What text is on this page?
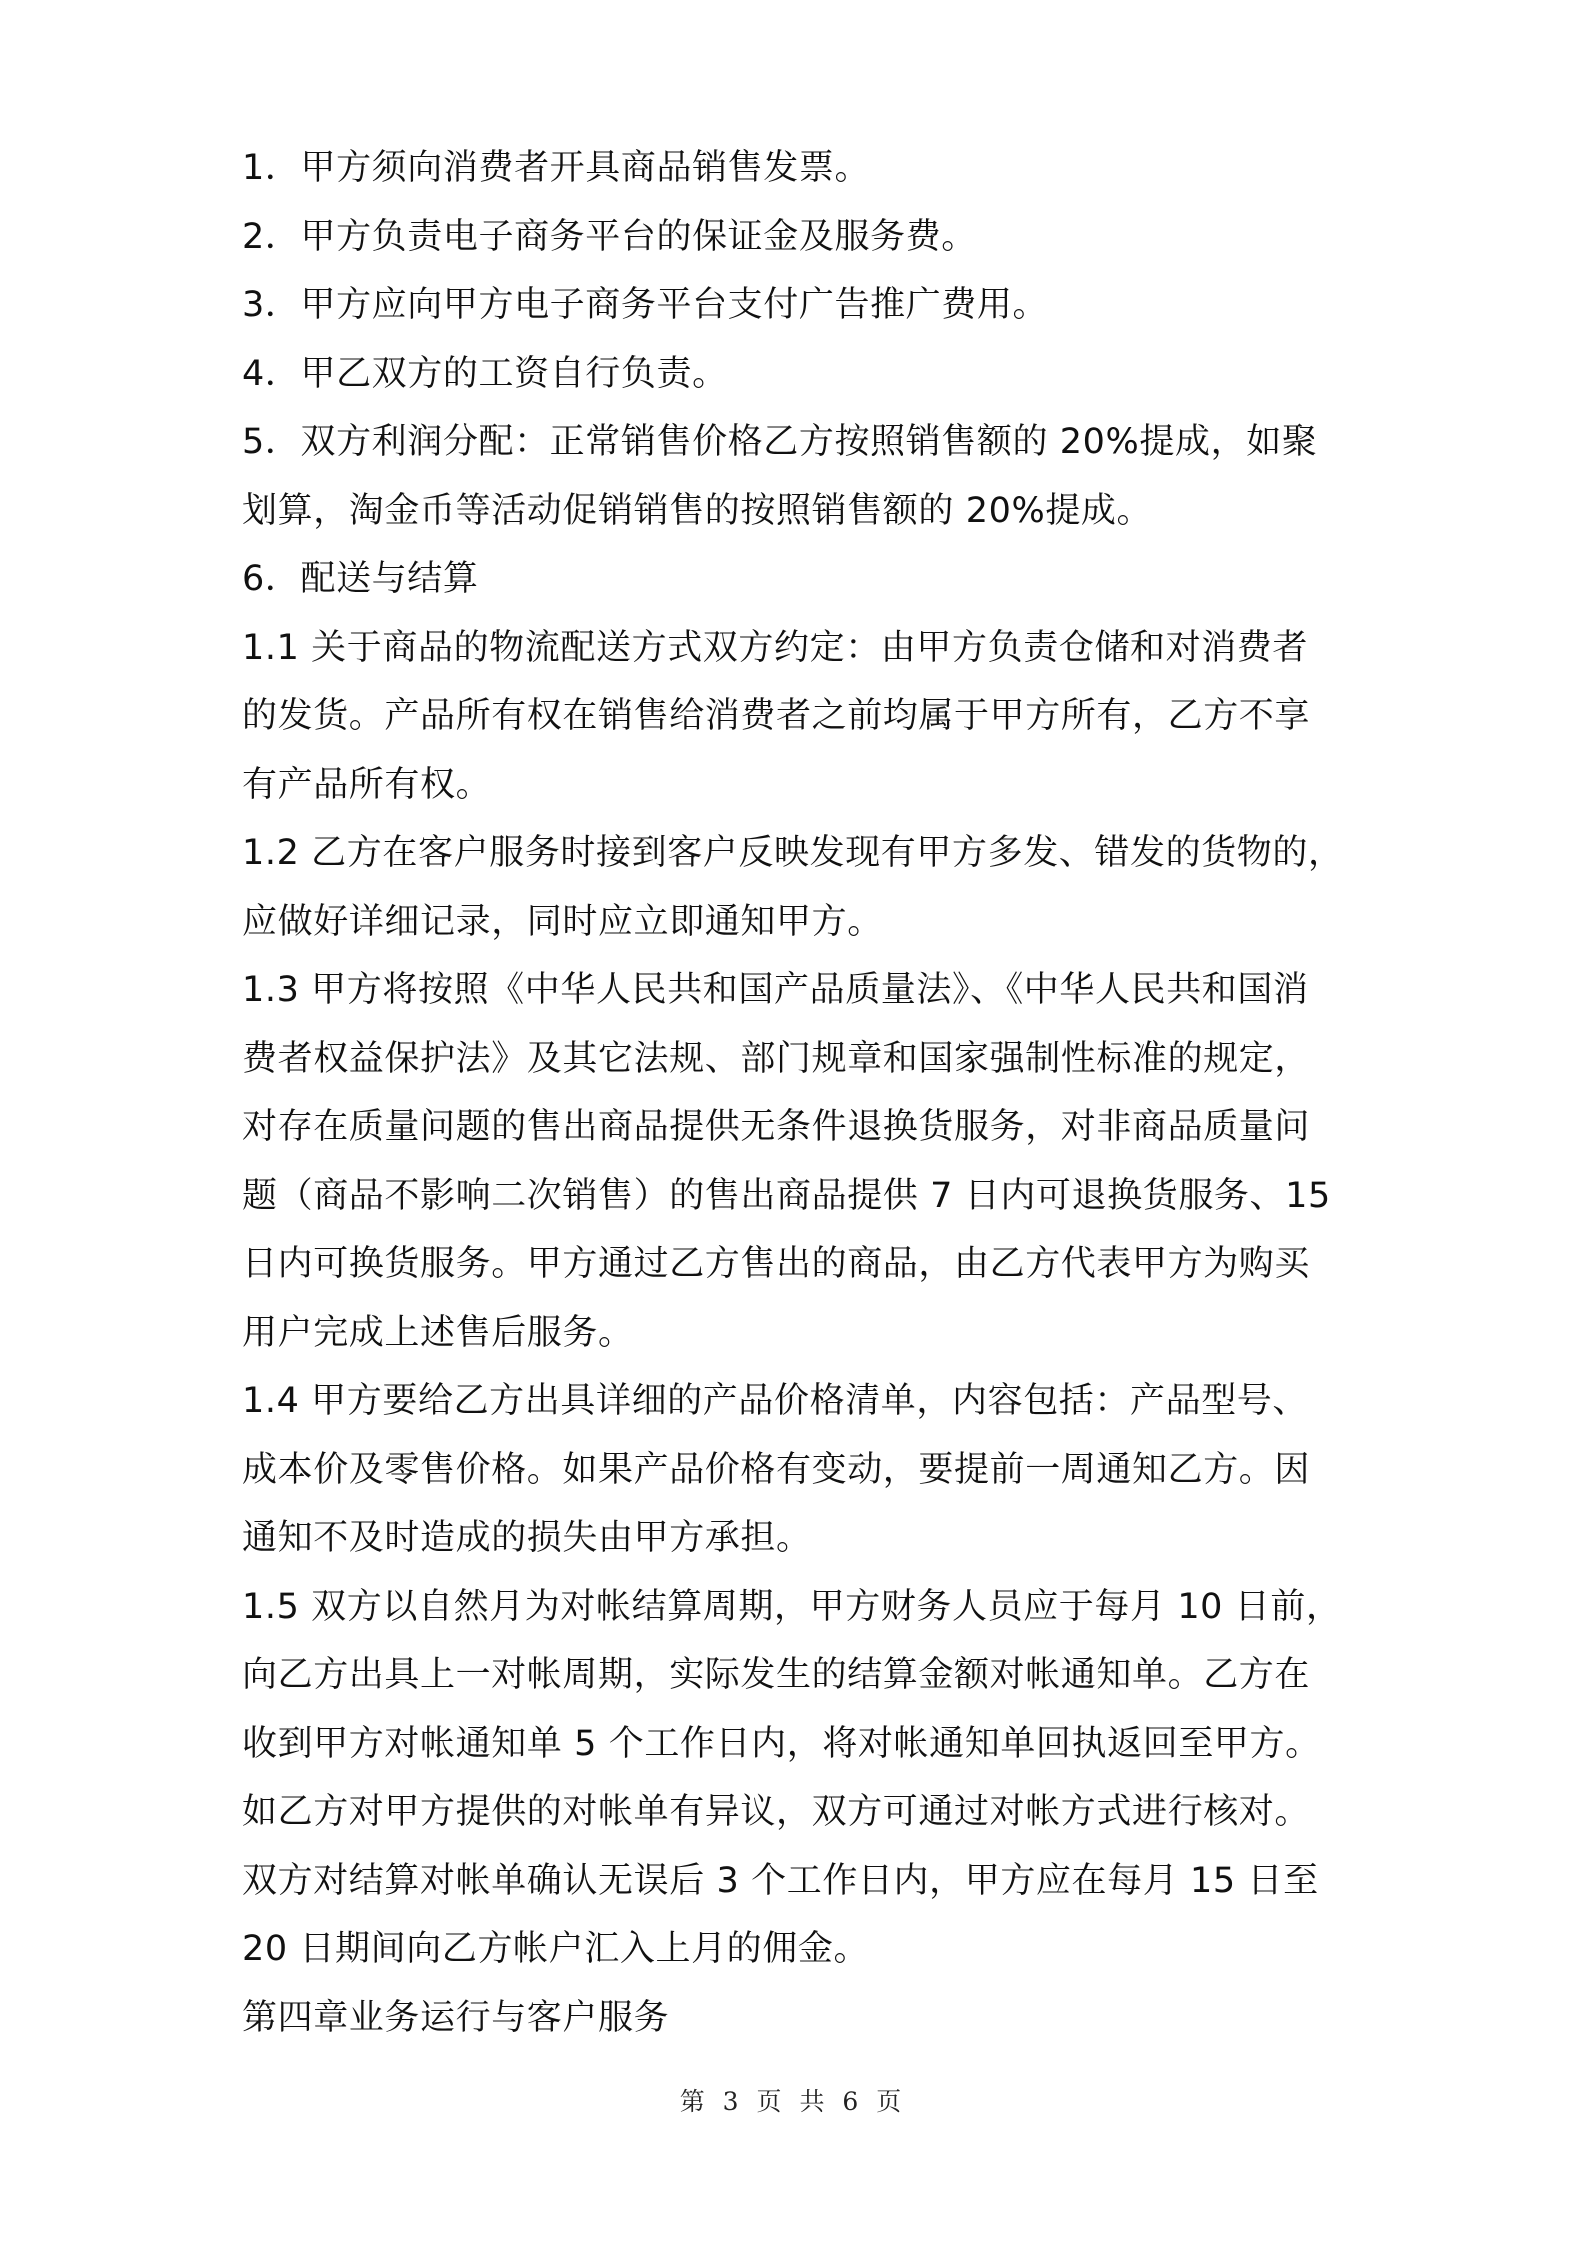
1．甲方须向消费者开具商品销售发票。

2．甲方负责电子商务平台的保证金及服务费。

3．甲方应向甲方电子商务平台支付广告推广费用。

4．甲乙双方的工资自行负责。

5．双方利润分配：正常销售价格乙方按照销售额的 20%提成，如聚
划算，淘金币等活动促销销售的按照销售额的 20%提成。

6．配送与结算

1.1 关于商品的物流配送方式双方约定：由甲方负责仓储和对消费者
的发货。产品所有权在销售给消费者之前均属于甲方所有，乙方不享
有产品所有权。

1.2 乙方在客户服务时接到客户反映发现有甲方多发、错发的货物的，
应做好详细记录，同时应立即通知甲方。

1.3 甲方将按照《中华人民共和国产品质量法》、《中华人民共和国消
费者权益保护法》及其它法规、部门规章和国家强制性标准的规定，
对存在质量问题的售出商品提供无条件退换货服务，对非商品质量问
题（商品不影响二次销售）的售出商品提供 7 日内可退换货服务、15
日内可换货服务。甲方通过乙方售出的商品，由乙方代表甲方为购买
用户完成上述售后服务。

1.4 甲方要给乙方出具详细的产品价格清单，内容包括：产品型号、
成本价及零售价格。如果产品价格有变动，要提前一周通知乙方。因
通知不及时造成的损失由甲方承担。

1.5 双方以自然月为对帐结算周期，甲方财务人员应于每月 10 日前，
向乙方出具上一对帐周期，实际发生的结算金额对帐通知单。乙方在
收到甲方对帐通知单 5 个工作日内，将对帐通知单回执返回至甲方。
如乙方对甲方提供的对帐单有异议，双方可通过对帐方式进行核对。
双方对结算对帐单确认无误后 3 个工作日内，甲方应在每月 15 日至
20 日期间向乙方帐户汇入上月的佣金。

第四章业务运行与客户服务

第 3 页 共 6 页
